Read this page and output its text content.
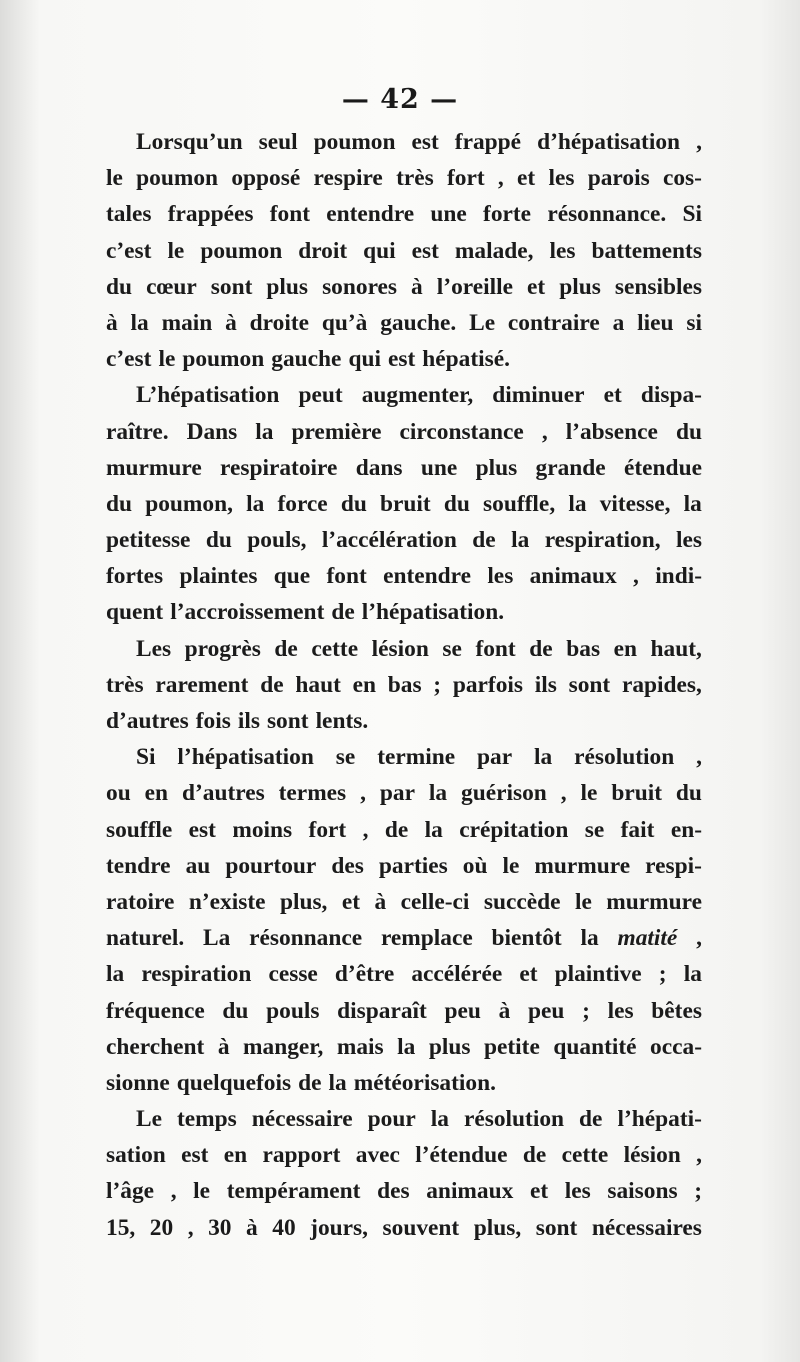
— 42 —
Lorsqu’un seul poumon est frappé d’hépatisation ,
le poumon opposé respire très fort , et les parois cos-
tales frappées font entendre une forte résonnance. Si
c’est le poumon droit qui est malade, les battements
du cœur sont plus sonores à l’oreille et plus sensibles
à la main à droite qu’à gauche. Le contraire a lieu si
c’est le poumon gauche qui est hépatisé.
L’hépatisation peut augmenter, diminuer et dispa-
raître. Dans la première circonstance , l’absence du
murmure respiratoire dans une plus grande étendue
du poumon, la force du bruit du souffle, la vitesse, la
petitesse du pouls, l’accélération de la respiration, les
fortes plaintes que font entendre les animaux , indi-
quent l’accroissement de l’hépatisation.
Les progrès de cette lésion se font de bas en haut,
très rarement de haut en bas ; parfois ils sont rapides,
d’autres fois ils sont lents.
Si l’hépatisation se termine par la résolution ,
ou en d’autres termes , par la guérison , le bruit du
souffle est moins fort , de la crépitation se fait en-
tendre au pourtour des parties où le murmure respi-
ratoire n’existe plus, et à celle-ci succède le murmure
naturel. La résonnance remplace bientôt la matité ,
la respiration cesse d’être accélérée et plaintive ; la
fréquence du pouls disparaît peu à peu ; les bêtes
cherchent à manger, mais la plus petite quantité occa-
sionne quelquefois de la météorisation.
Le temps nécessaire pour la résolution de l’hépati-
sation est en rapport avec l’étendue de cette lésion ,
l’âge , le tempérament des animaux et les saisons ;
15, 20 , 30 à 40 jours, souvent plus, sont nécessaires
